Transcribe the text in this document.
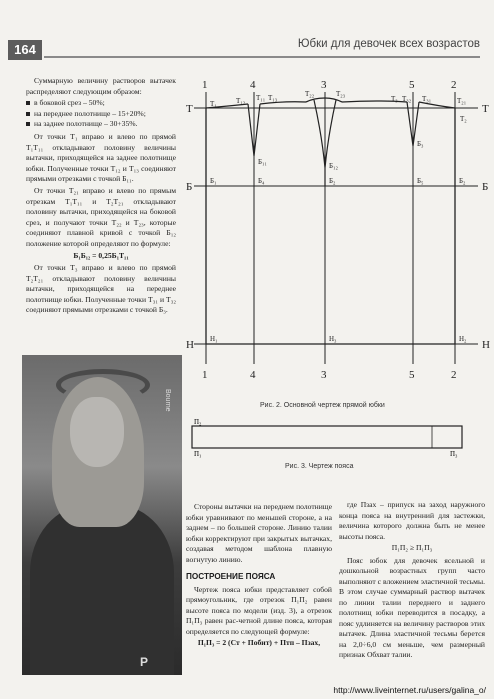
164	Юбки для девочек всех возрастов

Суммарную величину растворов вытачек распределяют следующим образом:

в боковой срез – 50%;
на переднее полотнище – 15+20%;
на заднее полотнище – 30+35%.

От точки Т₁ вправо и влево по прямой Т₁Т₁₁ откладывают половину величины вытачки, приходящейся на заднее полотнище юбки. Полученные точки Т₁₂ и Т₁₃ соединяют прямыми отрезками с точкой Б₁₁.

От точки Т₂₁ вправо и влево по прямым отрезкам Т₁Т₁₁ и Т₂Т₂₁ откладывают половину вытачки, приходящейся на боковой срез, и получают точки Т₂₂ и Т₂₃, которые соединяют плавной кривой с точкой Б₁₂ положение которой определяют по формуле:

Б₁Б₁₂ = 0,25Б₁Т₁₁

От точки Т₃ вправо и влево по прямой Т₂Т₂₁ откладывают половину величины вытачки, приходящейся на переднее полотнище юбки. Полученные точки Т₃₁ и Т₃₂ соединяют прямыми отрезками с точкой Б₃.

Bourne
P
1	4	3	5	2
1	4	3	5	2
Т
Б
Н
Т
Б
Н
Т₁	Т₁₂ Т₁₁ Т₁₃	Т₂₂	Т₂₃
Т₃ Т₃₂ Т₃₁	Т₂₁
Т₂
Б₁₁	Б₁₂
Б₃
Б₁	Б₄	Б₂	Б₅	Б₂
Н₁	Н₃	Н₂
Рис. 2. Основной чертеж прямой юбки
П₂
П₁	П₃
Рис. 3. Чертеж пояса

Стороны вытачки на переднем полотнище юбки уравнивают по меньшей стороне, а на заднем – по большей стороне. Линию талии юбки корректируют при закрытых вытачках, создавая методом шаблона плавную вогнутую линию.

ПОСТРОЕНИЕ ПОЯСА

Чертеж пояса юбки представляет собой прямоугольник, где отрезок П₁П₂ равен высоте пояса по модели (изд. 3), а отрезок П₁П₃ равен рас-четной длине пояса, которая определяется по следующей формуле:

П₁П₃ = 2 (Ст + Побит) + Птп – Пзах,

где Пзах – припуск на заход наружного конца пояса на внутренний для застежки, величина которого должна быть не менее высоты пояса.

П₁П₂ ≥ П₁П₃

Пояс юбок для девочек ясельной и дошкольной возрастных групп часто выполняют с вложением эластичной тесьмы. В этом случае суммарный раствор вытачек по линии талии переднего и заднего полотнищ юбки переводится в посадку, а пояс удлиняется на величину растворов этих вытачек. Длина эластичной тесьмы берется на 2,0÷6,0 см меньше, чем размерный признак Обхват талии.

http://www.liveinternet.ru/users/galina_o/
